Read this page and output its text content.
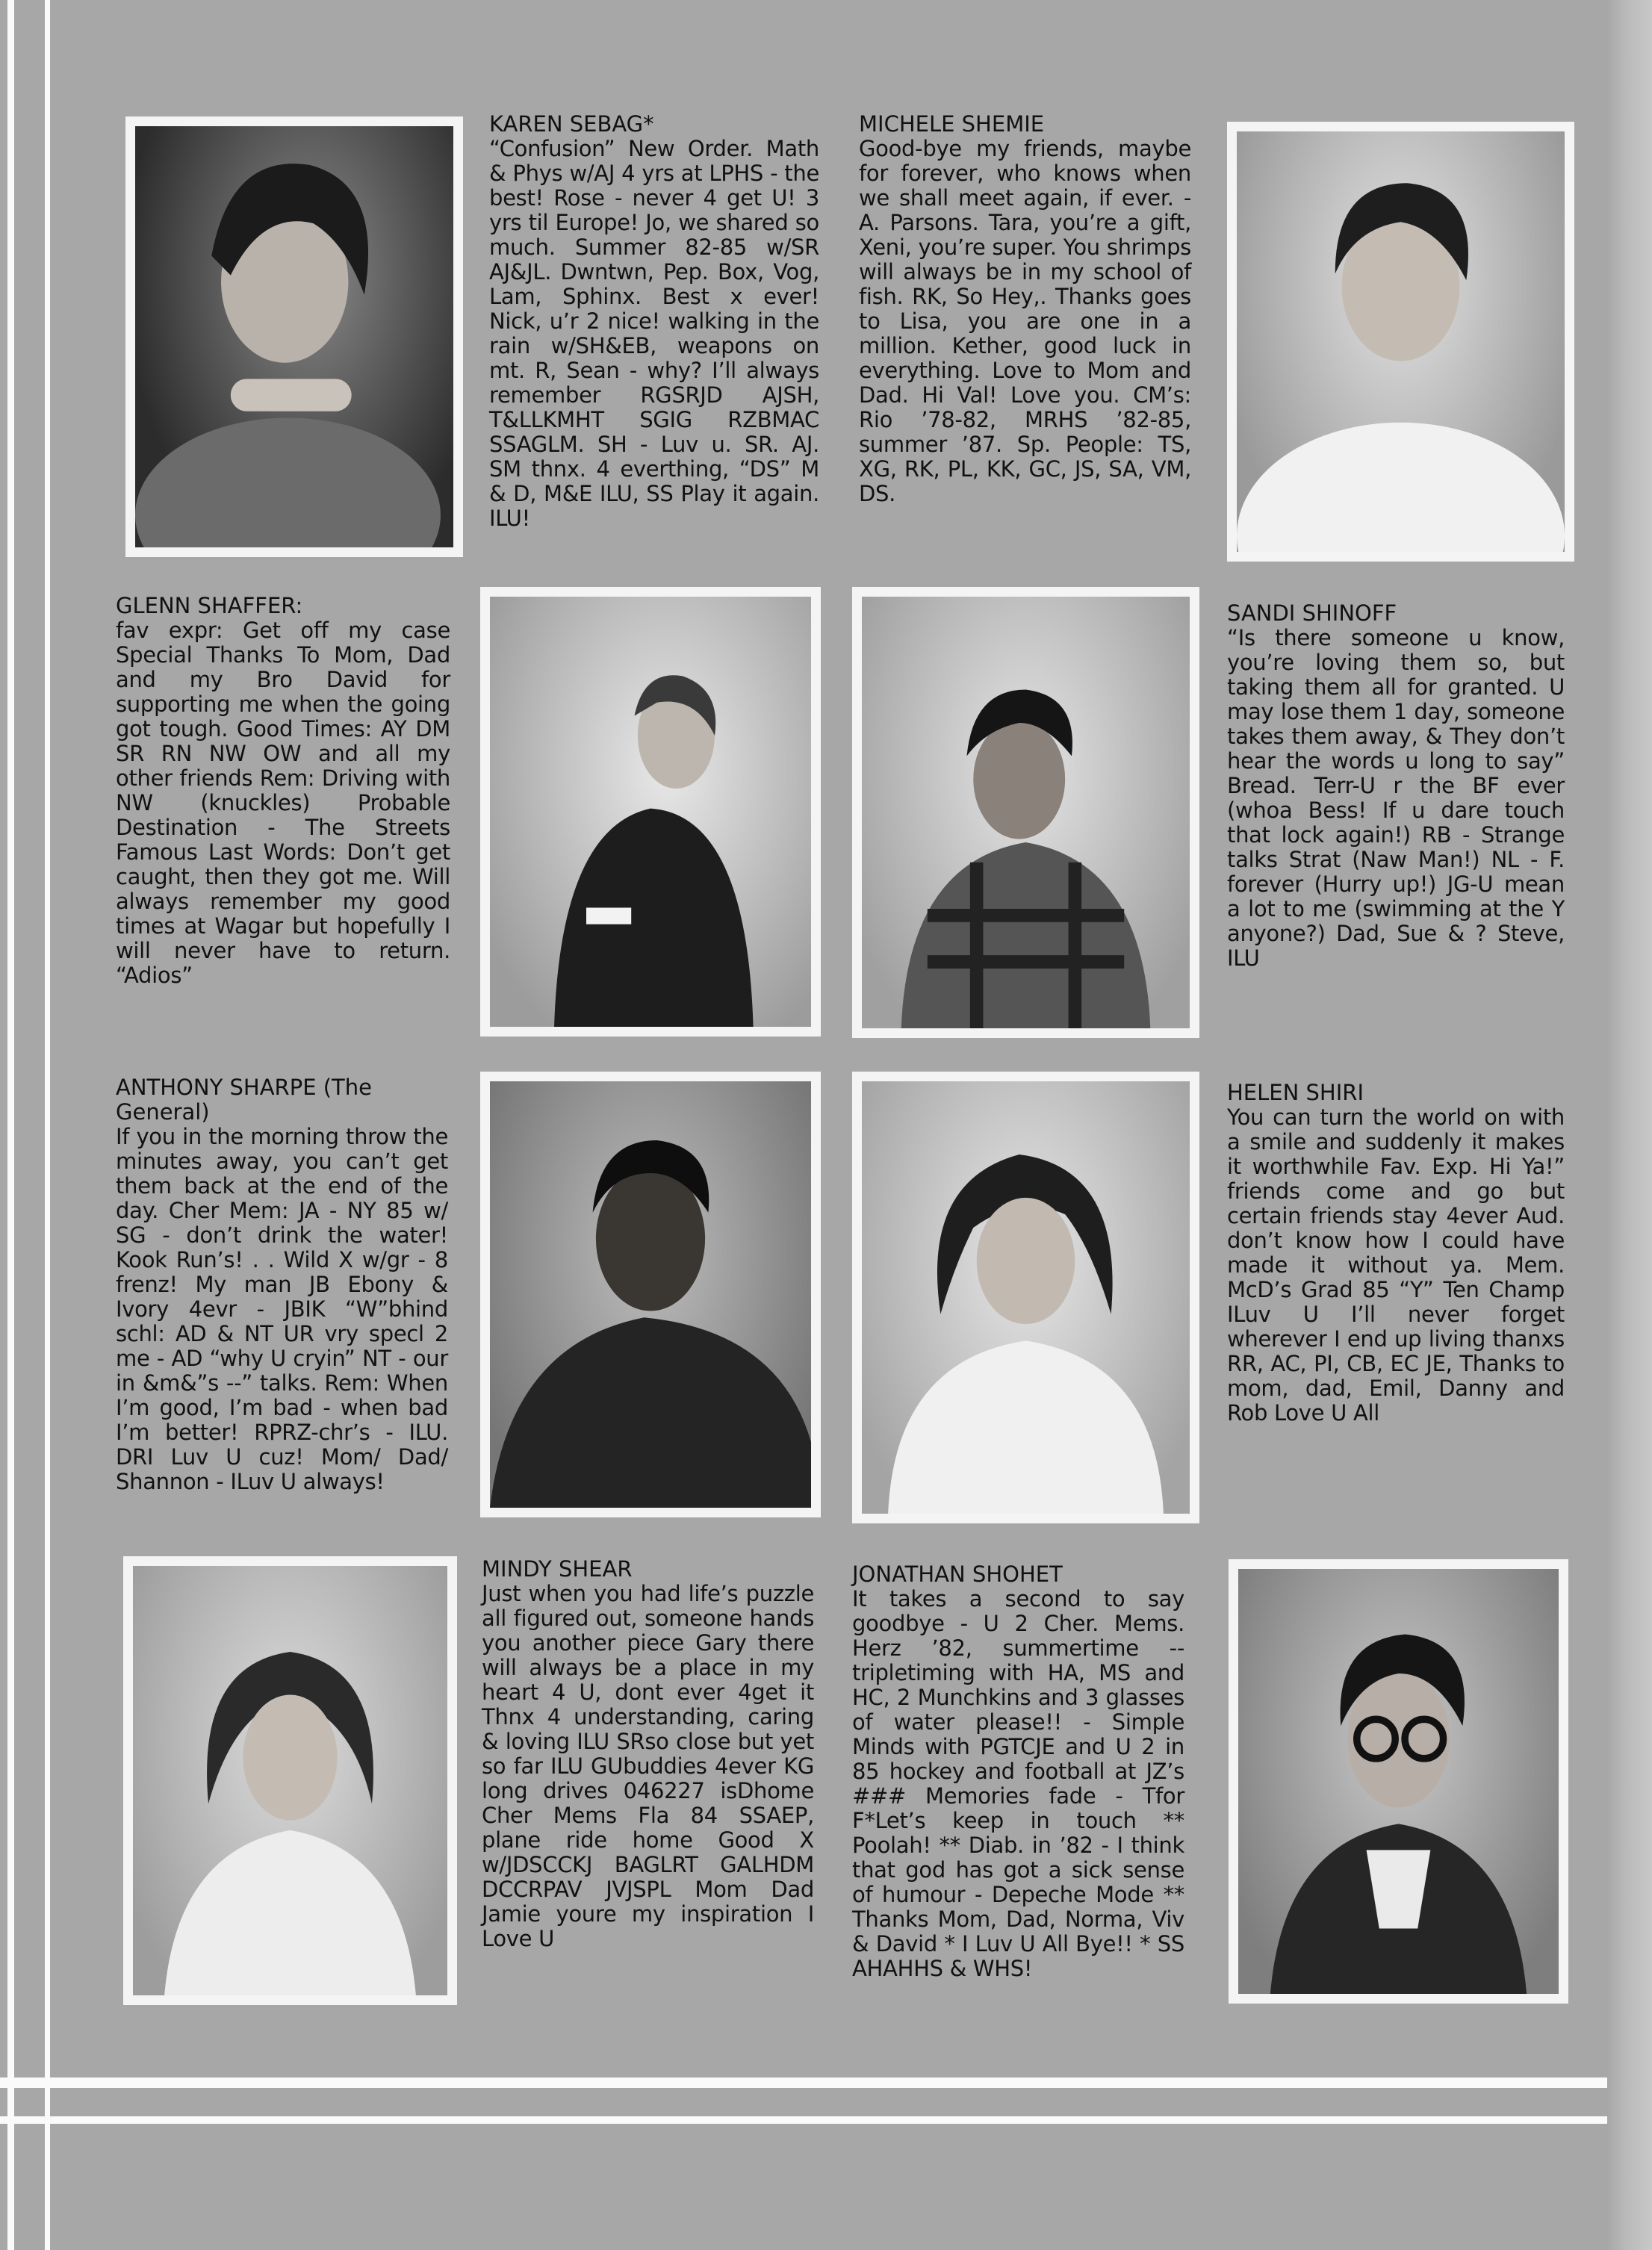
KAREN SEBAG*
“Confusion” New Order. Math & Phys w/AJ 4 yrs at LPHS - the best! Rose - never 4 get U! 3 yrs til Europe! Jo, we shared so much. Summer 82-85 w/SR AJ&JL. Dwntwn, Pep. Box, Vog, Lam, Sphinx. Best x ever! Nick, u’r 2 nice! walking in the rain w/SH&EB, weapons on mt. R, Sean - why? I’ll always remember RGSRJD AJSH, T&LLKMHT SGIG RZBMAC SSAGLM. SH - Luv u. SR. AJ. SM thnx. 4 everthing, “DS” M & D, M&E ILU, SS Play it again. ILU!
MICHELE SHEMIE
Good-bye my friends, maybe for forever, who knows when we shall meet again, if ever. - A. Parsons. Tara, you’re a gift, Xeni, you’re super. You shrimps will always be in my school of fish. RK, So Hey,. Thanks goes to Lisa, you are one in a million. Kether, good luck in everything. Love to Mom and Dad. Hi Val! Love you. CM’s: Rio ’78-82, MRHS ’82-85, summer ’87. Sp. People: TS, XG, RK, PL, KK, GC, JS, SA, VM, DS.
GLENN SHAFFER:
fav expr: Get off my case Special Thanks To Mom, Dad and my Bro David for supporting me when the going got tough. Good Times: AY DM SR RN NW OW and all my other friends Rem: Driving with NW (knuckles) Probable Destination - The Streets Famous Last Words: Don’t get caught, then they got me. Will always remember my good times at Wagar but hopefully I will never have to return. “Adios”
SANDI SHINOFF
“Is there someone u know, you’re loving them so, but taking them all for granted. U may lose them 1 day, someone takes them away, & They don’t hear the words u long to say” Bread. Terr-U r the BF ever (whoa Bess! If u dare touch that lock again!) RB - Strange talks Strat (Naw Man!) NL - F. forever (Hurry up!) JG-U mean a lot to me (swimming at the Y anyone?) Dad, Sue & ? Steve, ILU
ANTHONY SHARPE (The General)
If you in the morning throw the minutes away, you can’t get them back at the end of the day. Cher Mem: JA - NY 85 w/ SG - don’t drink the water! Kook Run’s! . . Wild X w/gr - 8 frenz! My man JB Ebony & Ivory 4evr - JBIK “W”bhind schl: AD & NT UR vry specl 2 me - AD “why U cryin” NT - our in &m&”s --” talks. Rem: When I’m good, I’m bad - when bad I’m better! RPRZ-chr’s - ILU. DRI Luv U cuz! Mom/ Dad/ Shannon - ILuv U always!
HELEN SHIRI
You can turn the world on with a smile and suddenly it makes it worthwhile Fav. Exp. Hi Ya!” friends come and go but certain friends stay 4ever Aud. don’t know how I could have made it without ya. Mem. McD’s Grad 85 “Y” Ten Champ ILuv U I’ll never forget wherever I end up living thanxs RR, AC, PI, CB, EC JE, Thanks to mom, dad, Emil, Danny and Rob Love U All
MINDY SHEAR
Just when you had life’s puzzle all figured out, someone hands you another piece Gary there will always be a place in my heart 4 U, dont ever 4get it Thnx 4 understanding, caring & loving ILU SRso close but yet so far ILU GUbuddies 4ever KG long drives 046227 isDhome Cher Mems Fla 84 SSAEP, plane ride home Good X w/JDSCCKJ BAGLRT GALHDM DCCRPAV JVJSPL Mom Dad Jamie youre my inspiration I Love U
JONATHAN SHOHET
It takes a second to say goodbye - U 2 Cher. Mems. Herz ’82, summertime -- tripletiming with HA, MS and HC, 2 Munchkins and 3 glasses of water please!! - Simple Minds with PGTCJE and U 2 in 85 hockey and football at JZ’s ### Memories fade - Tfor F*Let’s keep in touch ** Poolah! ** Diab. in ’82 - I think that god has got a sick sense of humour - Depeche Mode ** Thanks Mom, Dad, Norma, Viv & David * I Luv U All Bye!! * SS AHAHHS & WHS!
